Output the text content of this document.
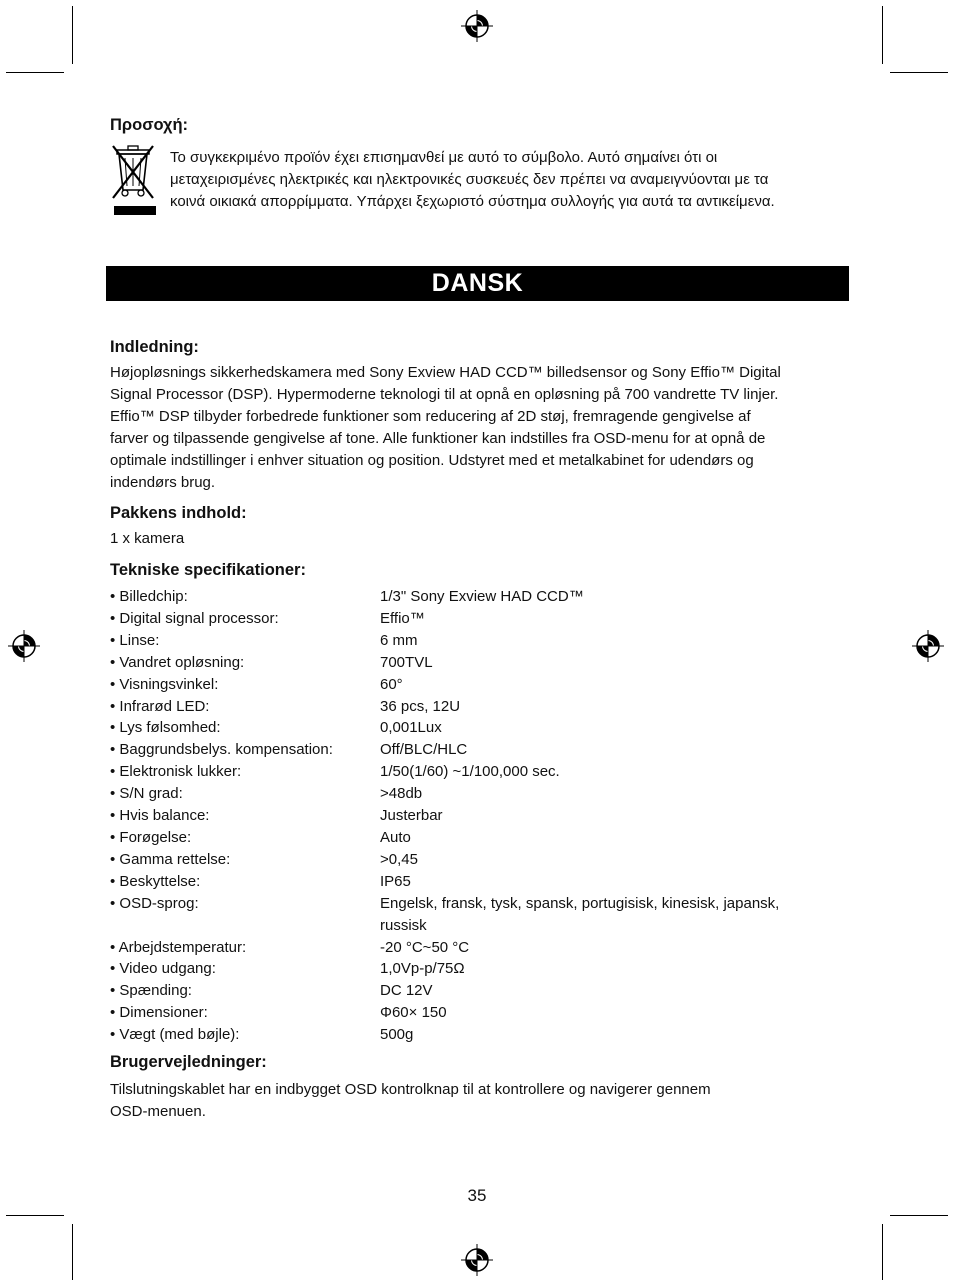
Προσοχή:
Το συγκεκριμένο προϊόν έχει επισημανθεί με αυτό το σύμβολο. Αυτό σημαίνει ότι οι
μεταχειρισμένες ηλεκτρικές και ηλεκτρονικές συσκευές δεν πρέπει να αναμειγνύονται με τα
κοινά οικιακά απορρίμματα. Υπάρχει ξεχωριστό σύστημα συλλογής για αυτά τα αντικείμενα.
DANSK
Indledning:
Højopløsnings sikkerhedskamera med Sony Exview HAD CCD™ billedsensor og Sony Effio™ Digital
Signal Processor (DSP). Hypermoderne teknologi til at opnå en opløsning på 700 vandrette TV linjer.
Effio™ DSP tilbyder forbedrede funktioner som reducering af 2D støj, fremragende gengivelse af
farver og tilpassende gengivelse af tone. Alle funktioner kan indstilles fra OSD-menu for at opnå de
optimale indstillinger i enhver situation og position. Udstyret med et metalkabinet for udendørs og
indendørs brug.
Pakkens indhold:
1 x kamera
Tekniske specifikationer:
• Billedchip:	1/3" Sony Exview HAD CCD™
• Digital signal processor:	Effio™
• Linse:	6 mm
• Vandret opløsning:	700TVL
• Visningsvinkel:	60°
• Infrarød LED:	36 pcs, 12U
• Lys følsomhed:	0,001Lux
• Baggrundsbelys. kompensation:	Off/BLC/HLC
• Elektronisk lukker:	1/50(1/60) ~1/100,000 sec.
• S/N grad:	>48db
• Hvis balance:	Justerbar
• Forøgelse:	Auto
• Gamma rettelse:	>0,45
• Beskyttelse:	IP65
• OSD-sprog:	Engelsk, fransk, tysk, spansk, portugisisk, kinesisk, japansk,
russisk
• Arbejdstemperatur:	-20 °C~50 °C
• Video udgang:	1,0Vp-p/75Ω
• Spænding:	DC 12V
• Dimensioner:	Φ60× 150
• Vægt (med bøjle):	500g
Brugervejledninger:
Tilslutningskablet har en indbygget OSD kontrolknap til at kontrollere og navigerer gennem
OSD-menuen.
35
